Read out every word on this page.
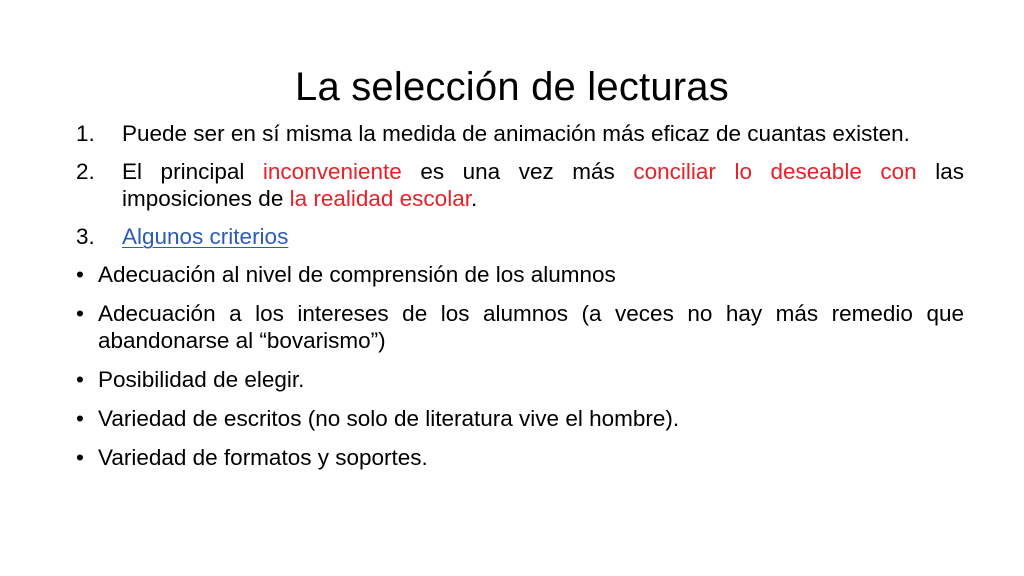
La selección de lecturas
1.	Puede ser en sí misma la medida de animación más eficaz de cuantas existen.
2.	El principal inconveniente es una vez más conciliar lo deseable con las imposiciones de la realidad escolar.
3.	Algunos criterios
• Adecuación al nivel de comprensión de los alumnos
• Adecuación a los intereses de los alumnos (a veces no hay más remedio que abandonarse al “bovarismo”)
• Posibilidad de elegir.
• Variedad de escritos (no solo de literatura vive el hombre).
• Variedad de formatos y soportes.
